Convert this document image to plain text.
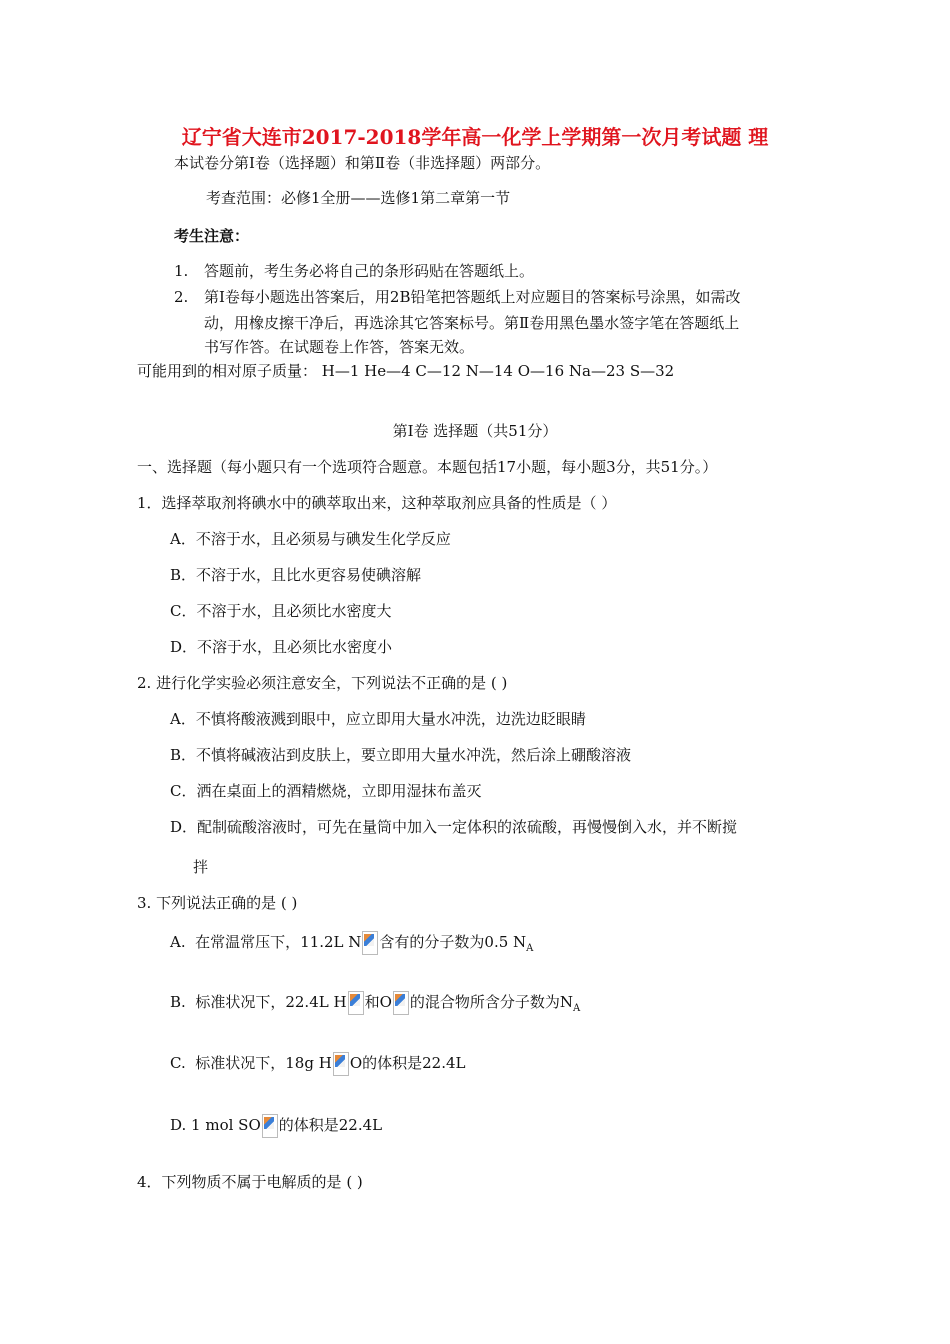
辽宁省大连市2017-2018学年高一化学上学期第一次月考试题 理
本试卷分第Ⅰ卷（选择题）和第Ⅱ卷（非选择题）两部分。
考查范围：必修1全册——选修1第二章第一节
考生注意：
1. 答题前，考生务必将自己的条形码贴在答题纸上。
2. 第Ⅰ卷每小题选出答案后，用2B铅笔把答题纸上对应题目的答案标号涂黑，如需改
动，用橡皮擦干净后，再选涂其它答案标号。第Ⅱ卷用黑色墨水签字笔在答题纸上
书写作答。在试题卷上作答，答案无效。
可能用到的相对原子质量： H—1 He—4 C—12 N—14 O—16 Na—23 S—32
第Ⅰ卷 选择题（共51分）
一、选择题（每小题只有一个选项符合题意。本题包括17小题，每小题3分，共51分。）
1．选择萃取剂将碘水中的碘萃取出来，这种萃取剂应具备的性质是（ ）
A．不溶于水，且必须易与碘发生化学反应
B．不溶于水，且比水更容易使碘溶解
C．不溶于水，且必须比水密度大
D．不溶于水，且必须比水密度小
2. 进行化学实验必须注意安全，下列说法不正确的是 ( )
A．不慎将酸液溅到眼中，应立即用大量水冲洗，边洗边眨眼睛
B．不慎将碱液沾到皮肤上，要立即用大量水冲洗，然后涂上硼酸溶液
C．洒在桌面上的酒精燃烧，立即用湿抹布盖灭
D．配制硫酸溶液时，可先在量筒中加入一定体积的浓硫酸，再慢慢倒入水，并不断搅
拌
3. 下列说法正确的是 ( )
A. 在常温常压下，11.2L N 含有的分子数为0.5 $N_A$
B. 标准状况下，22.4L H 和O 的混合物所含分子数为$N_A$
C. 标准状况下，18g H O的体积是22.4L
D. 1 mol SO 的体积是22.4L
4．下列物质不属于电解质的是 ( )
